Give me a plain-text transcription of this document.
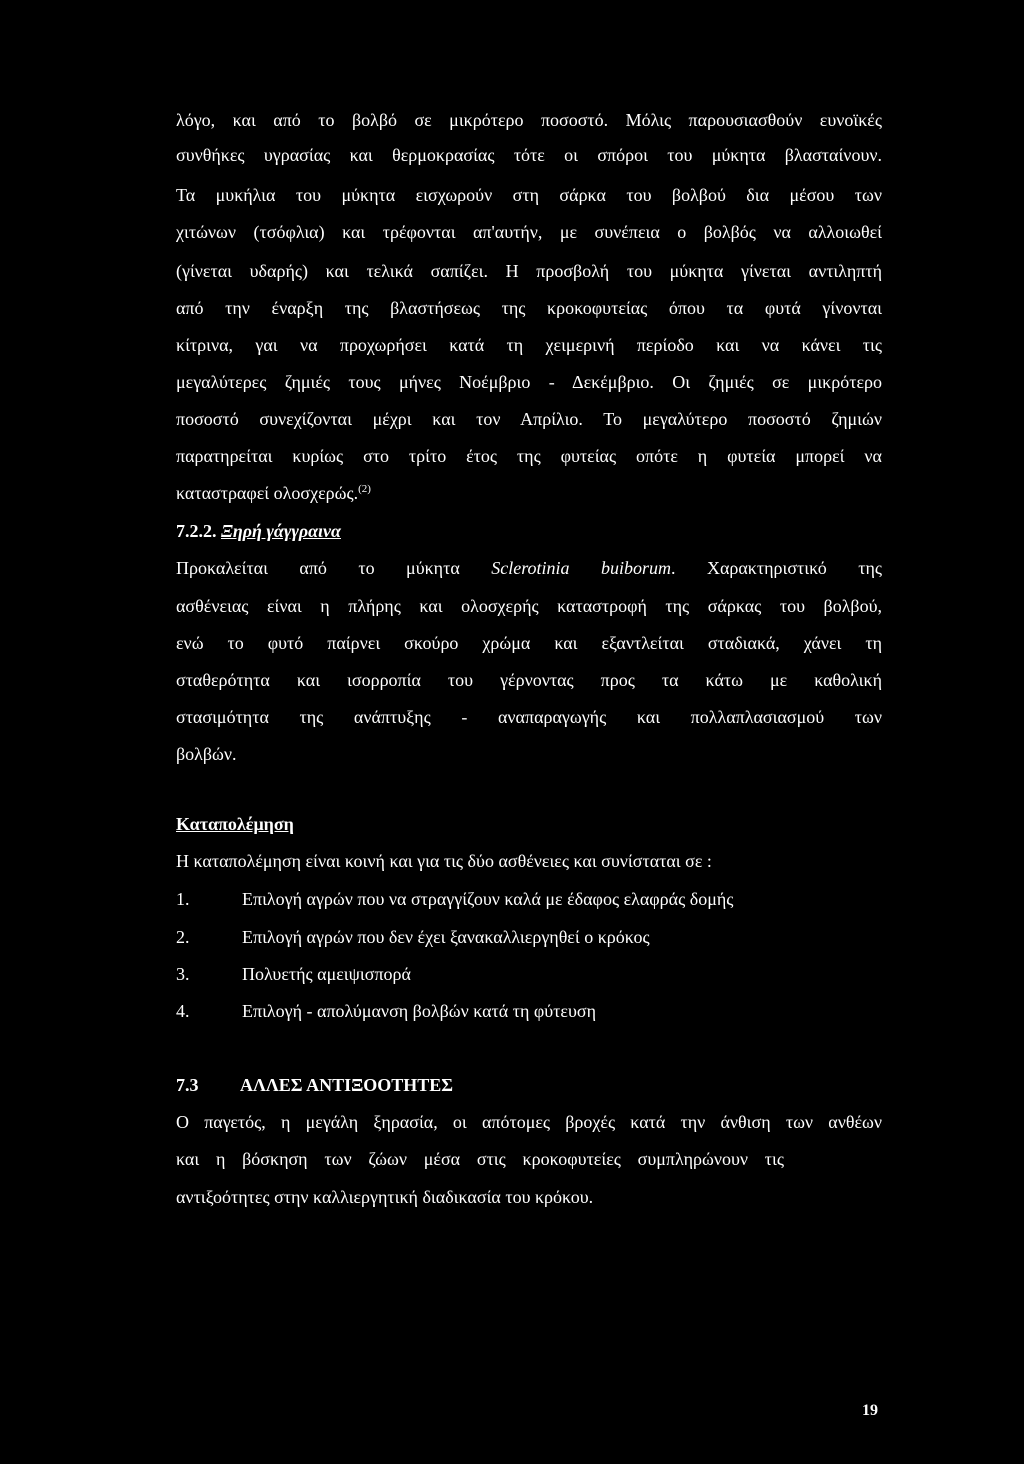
λόγο, και από το βολβό σε μικρότερο ποσοστό. Μόλις παρουσιασθούν ευνοϊκές
συνθήκες υγρασίας και θερμοκρασίας τότε οι σπόροι του μύκητα βλασταίνουν.
Τα μυκήλια του μύκητα εισχωρούν στη σάρκα του βολβού δια μέσου των
χιτώνων (τσόφλια) και τρέφονται απ'αυτήν, με συνέπεια ο βολβός να αλλοιωθεί
(γίνεται υδαρής) και τελικά σαπίζει. Η προσβολή του μύκητα γίνεται αντιληπτή
από την έναρξη της βλαστήσεως της κροκοφυτείας όπου τα φυτά γίνονται
κίτρινα, γαι να προχωρήσει κατά τη χειμερινή περίοδο και να κάνει τις
μεγαλύτερες ζημιές τους μήνες Νοέμβριο - Δεκέμβριο. Οι ζημιές σε μικρότερο
ποσοστό συνεχίζονται μέχρι και τον Απρίλιο. Το μεγαλύτερο ποσοστό ζημιών
παρατηρείται κυρίως στο τρίτο έτος της φυτείας οπότε η φυτεία μπορεί να
καταστραφεί ολοσχερώς.$^{(2)}$
7.2.2. Ξηρή γάγγραινα
Προκαλείται από το μύκητα Sclerotinia buiborum. Χαρακτηριστικό της
ασθένειας είναι η πλήρης και ολοσχερής καταστροφή της σάρκας του βολβού,
ενώ το φυτό παίρνει σκούρο χρώμα και εξαντλείται σταδιακά, χάνει τη
σταθερότητα και ισορροπία του γέρνοντας προς τα κάτω με καθολική
στασιμότητα της ανάπτυξης - αναπαραγωγής και πολλαπλασιασμού των
βολβών.
Καταπολέμηση
Η καταπολέμηση είναι κοινή και για τις δύο ασθένειες και συνίσταται σε :
1.	Επιλογή αγρών που να στραγγίζουν καλά με έδαφος ελαφράς δομής
2.	Επιλογή αγρών που δεν έχει ξανακαλλιεργηθεί ο κρόκος
3.	Πολυετής αμειψισπορά
4.	Επιλογή - απολύμανση βολβών κατά τη φύτευση
7.3 ΑΛΛΕΣ ΑΝΤΙΞΟΟΤΗΤΕΣ
Ο παγετός, η μεγάλη ξηρασία, οι απότομες βροχές κατά την άνθιση των ανθέων
και η βόσκηση των ζώων μέσα στις κροκοφυτείες συμπληρώνουν τις
αντιξοότητες στην καλλιεργητική διαδικασία του κρόκου.
19
